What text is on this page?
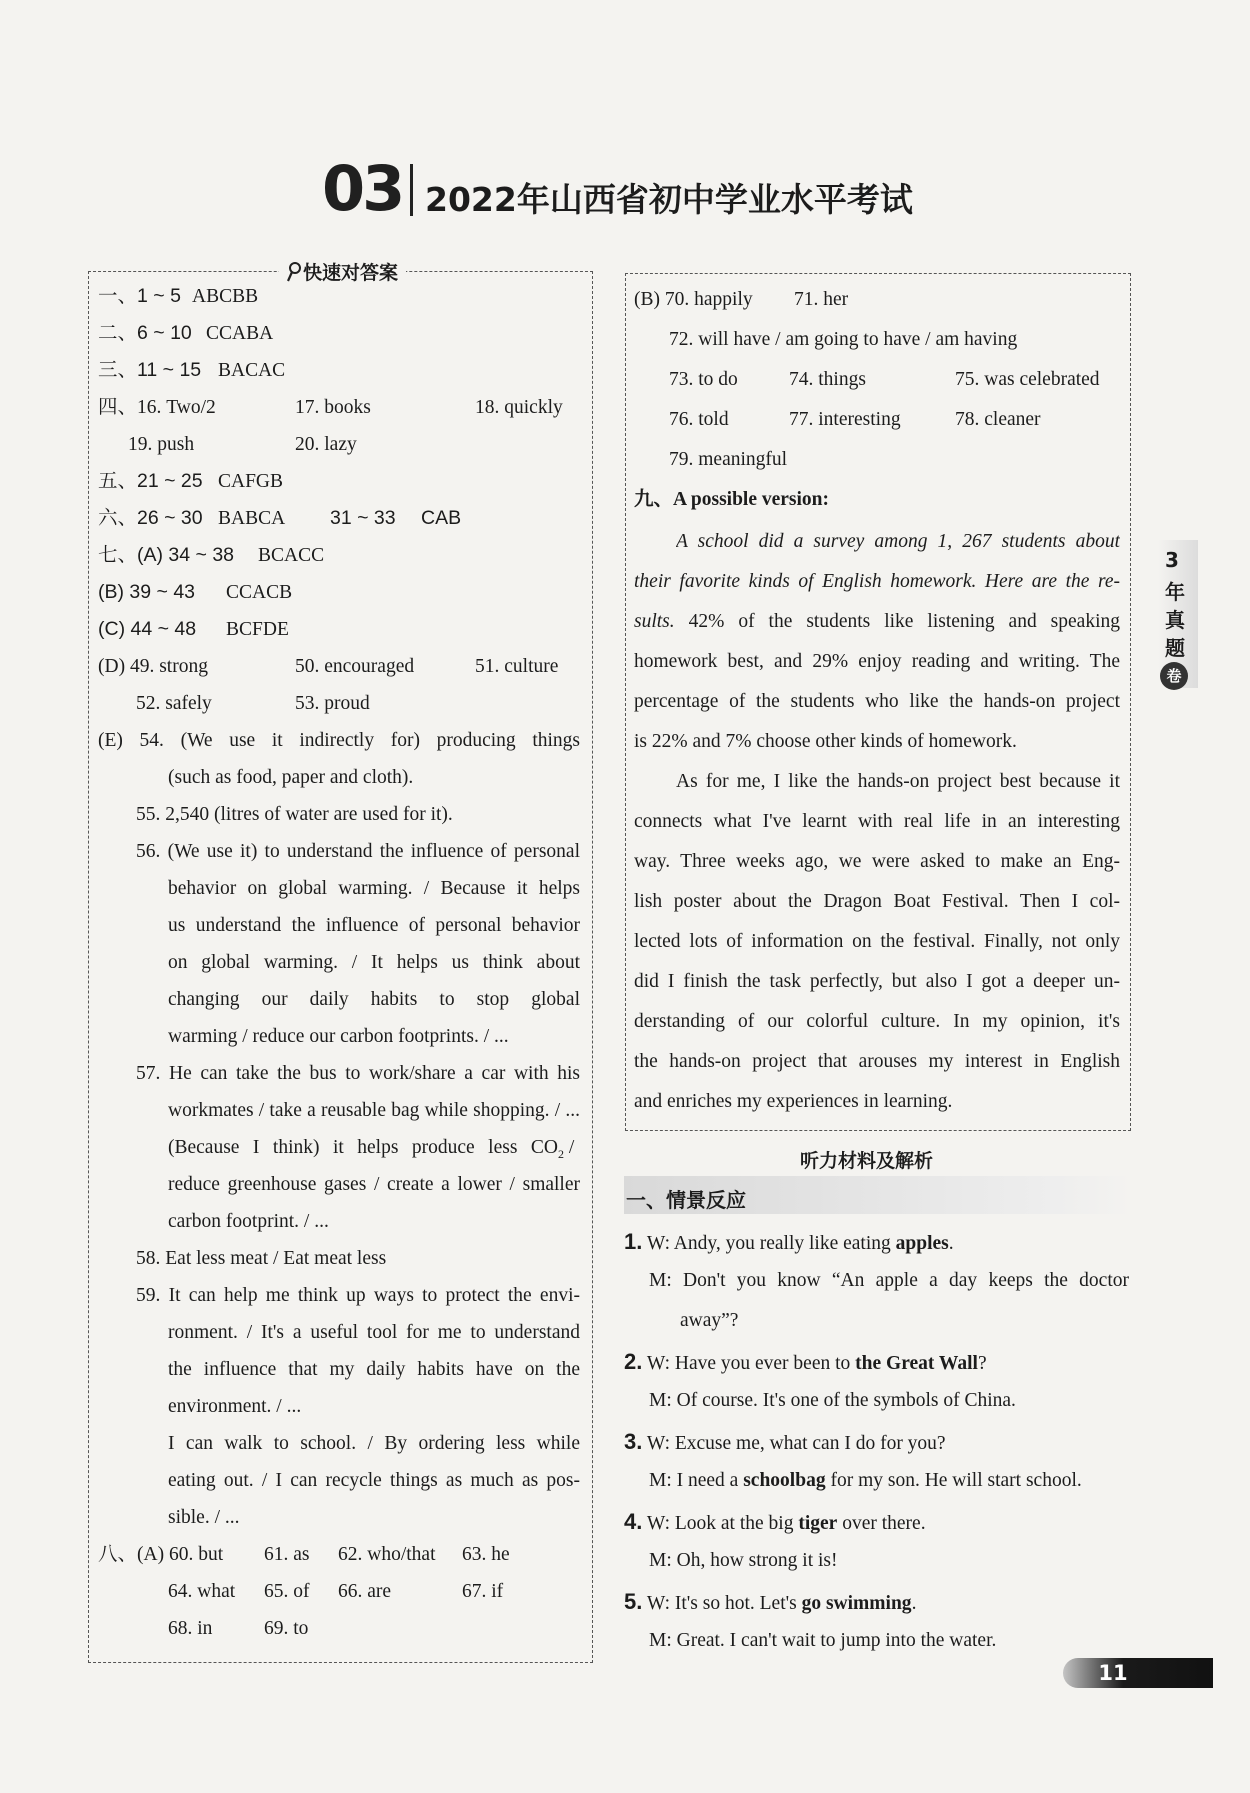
03 2022年山西省初中学业水平考试
快速对答案
一、1 ~ 5 ABCBB
二、6 ~ 10 CCABA
三、11 ~ 15 BACAC
四、16. Two/2	17. books	18. quickly
19. push	20. lazy
五、21 ~ 25 CAFGB
六、26 ~ 30 BABCA 31 ~ 33 CAB
七、(A) 34 ~ 38 BCACC
(B) 39 ~ 43 CCACB
(C) 44 ~ 48 BCFDE
(D) 49. strong	50. encouraged	51. culture
52. safely	53. proud
(E) 54. (We use it indirectly for) producing things
(such as food, paper and cloth).
55. 2,540 (litres of water are used for it).
56. (We use it) to understand the influence of personal
behavior on global warming. / Because it helps
us understand the influence of personal behavior
on global warming. / It helps us think about
changing our daily habits to stop global
warming / reduce our carbon footprints. / ...
57. He can take the bus to work/share a car with his
workmates / take a reusable bag while shopping. / ...
(Because I think) it helps produce less $CO_2$ /
reduce greenhouse gases / create a lower / smaller
carbon footprint. / ...
58. Eat less meat / Eat meat less
59. It can help me think up ways to protect the envi-
ronment. / It's a useful tool for me to understand
the influence that my daily habits have on the
environment. / ...
I can walk to school. / By ordering less while
eating out. / I can recycle things as much as pos-
sible. / ...
八、(A) 60. but 61. as 62. who/that 63. he
64. what 65. of 66. are	67. if
68. in	69. to
(B) 70. happily 71. her
72. will have / am going to have / am having
73. to do	74. things	75. was celebrated
76. told	77. interesting	78. cleaner
79. meaningful
九、A possible version:
A school did a survey among 1, 267 students about
their favorite kinds of English homework. Here are the re-
sults. 42% of the students like listening and speaking
homework best, and 29% enjoy reading and writing. The
percentage of the students who like the hands-on project
is 22% and 7% choose other kinds of homework.
As for me, I like the hands-on project best because it
connects what I've learnt with real life in an interesting
way. Three weeks ago, we were asked to make an Eng-
lish poster about the Dragon Boat Festival. Then I col-
lected lots of information on the festival. Finally, not only
did I finish the task perfectly, but also I got a deeper un-
derstanding of our colorful culture. In my opinion, it's
the hands-on project that arouses my interest in English
and enriches my experiences in learning.
听力材料及解析
一、情景反应
1. W: Andy, you really like eating apples.
M: Don't you know “An apple a day keeps the doctor
away”?
2. W: Have you ever been to the Great Wall?
M: Of course. It's one of the symbols of China.
3. W: Excuse me, what can I do for you?
M: I need a schoolbag for my son. He will start school.
4. W: Look at the big tiger over there.
M: Oh, how strong it is!
5. W: It's so hot. Let's go swimming.
M: Great. I can't wait to jump into the water.
3
年
真
题
卷
11
